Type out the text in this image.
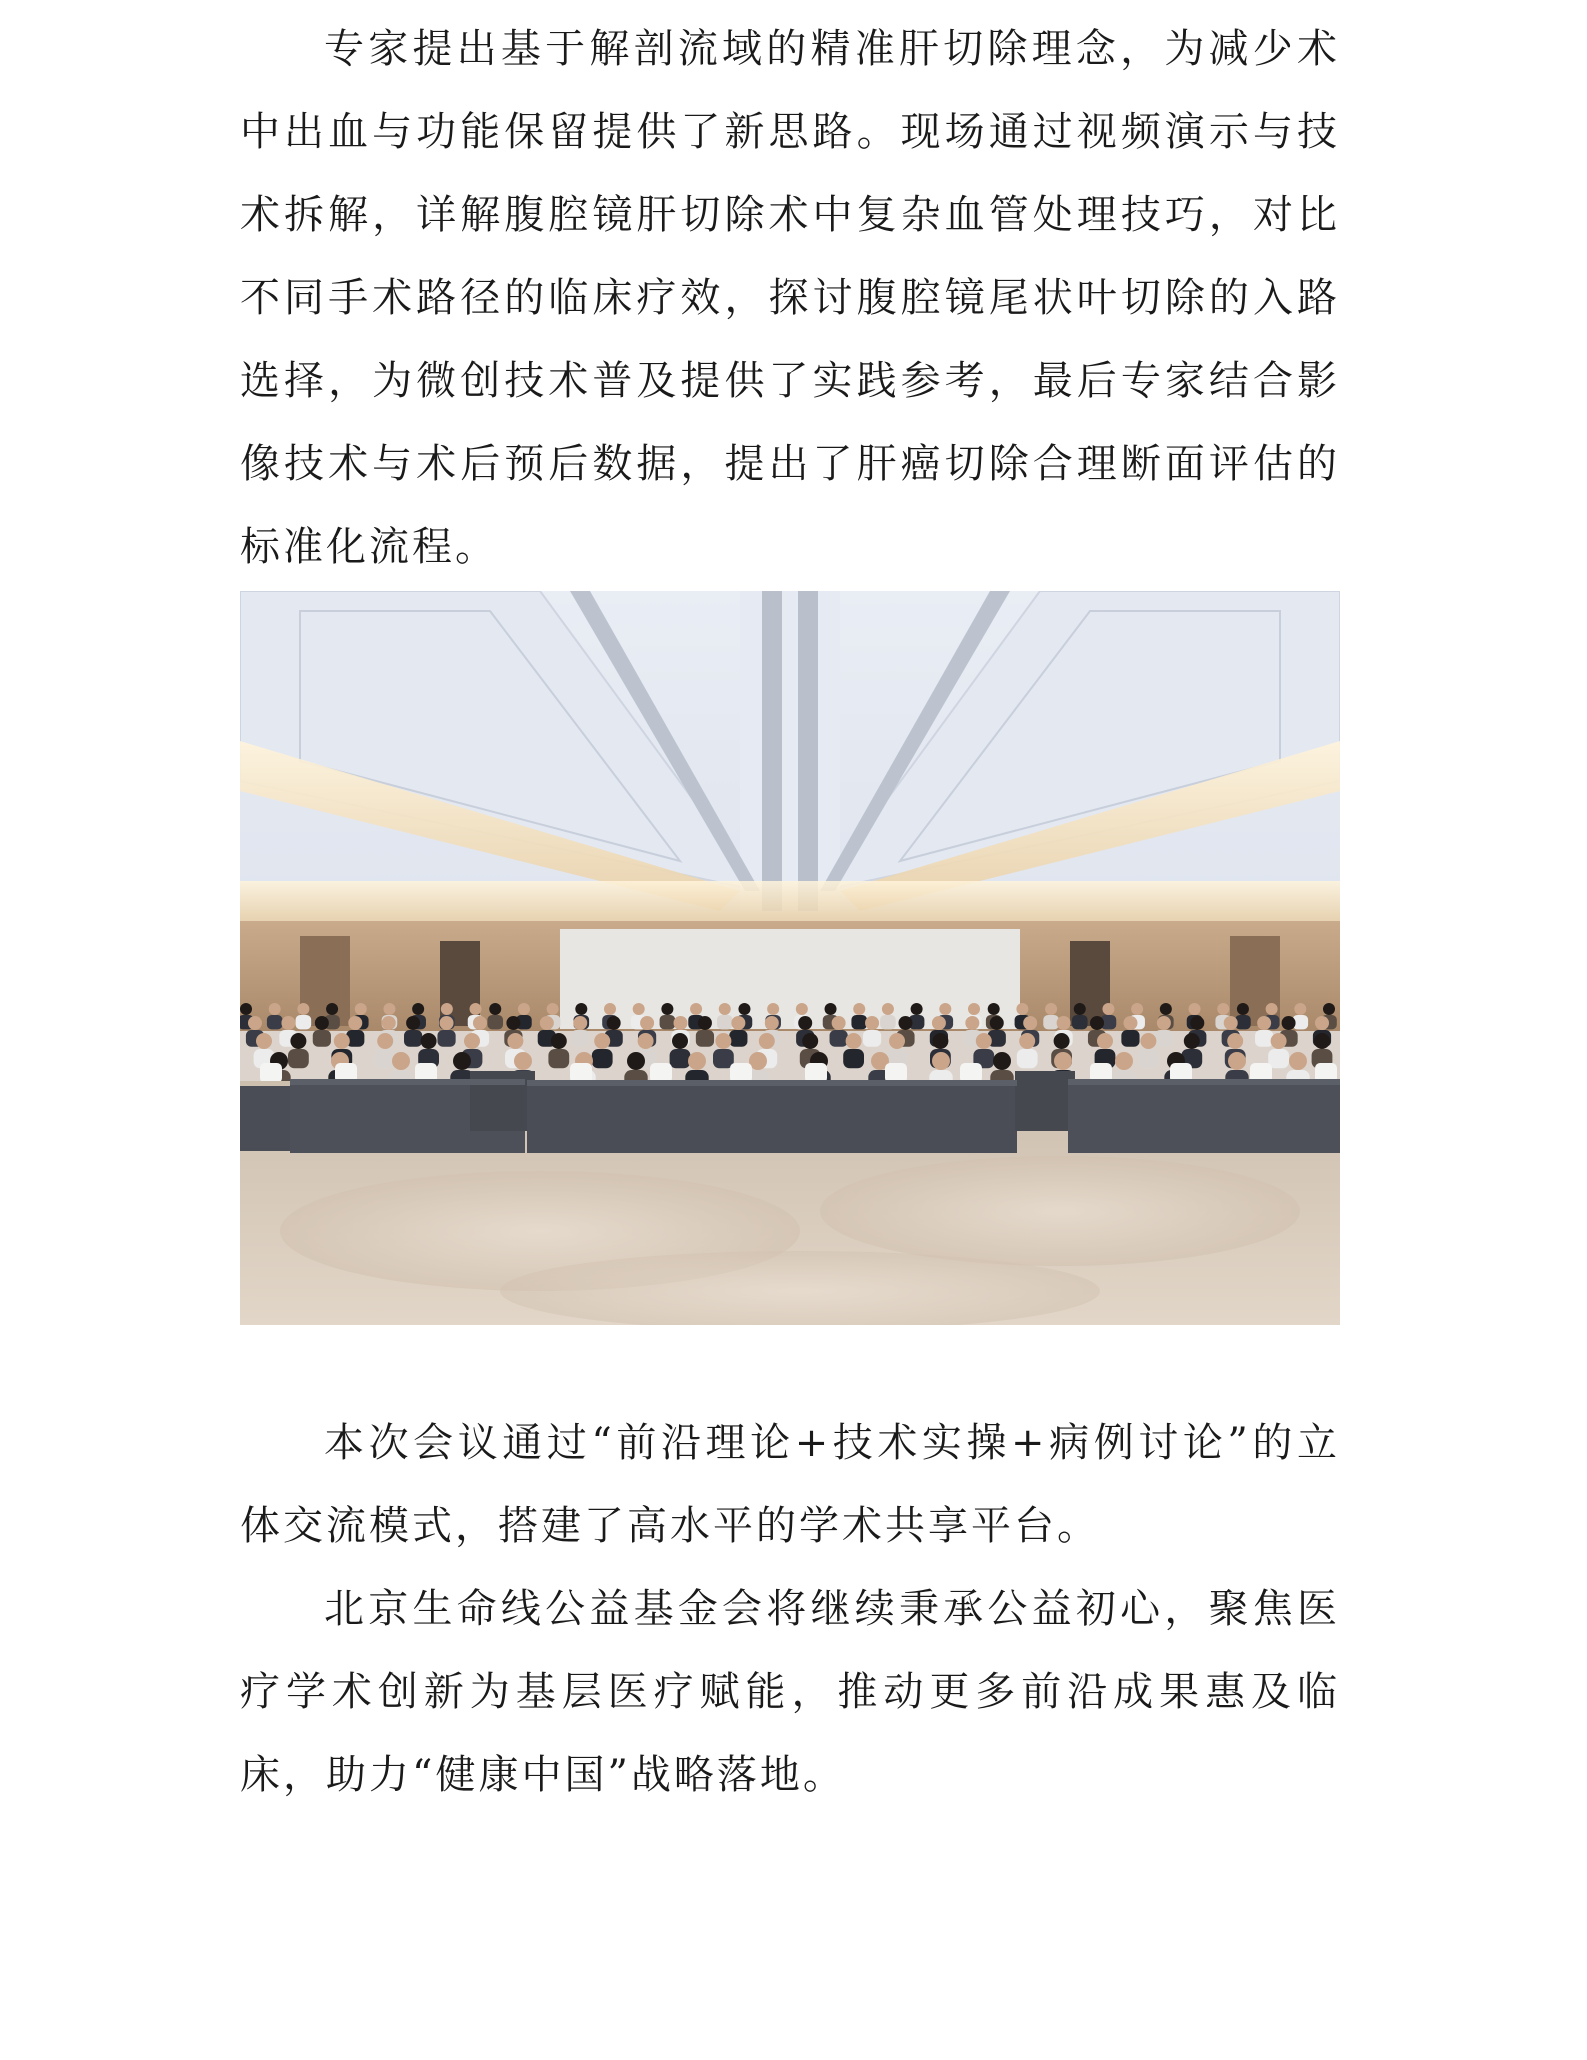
专家提出基于解剖流域的精准肝切除理念，为减少术中出血与功能保留提供了新思路。现场通过视频演示与技术拆解，详解腹腔镜肝切除术中复杂血管处理技巧，对比不同手术路径的临床疗效，探讨腹腔镜尾状叶切除的入路选择，为微创技术普及提供了实践参考，最后专家结合影像技术与术后预后数据，提出了肝癌切除合理断面评估的标准化流程。

本次会议通过“前沿理论+技术实操+病例讨论”的立体交流模式，搭建了高水平的学术共享平台。

北京生命线公益基金会将继续秉承公益初心，聚焦医疗学术创新为基层医疗赋能，推动更多前沿成果惠及临床，助力“健康中国”战略落地。
